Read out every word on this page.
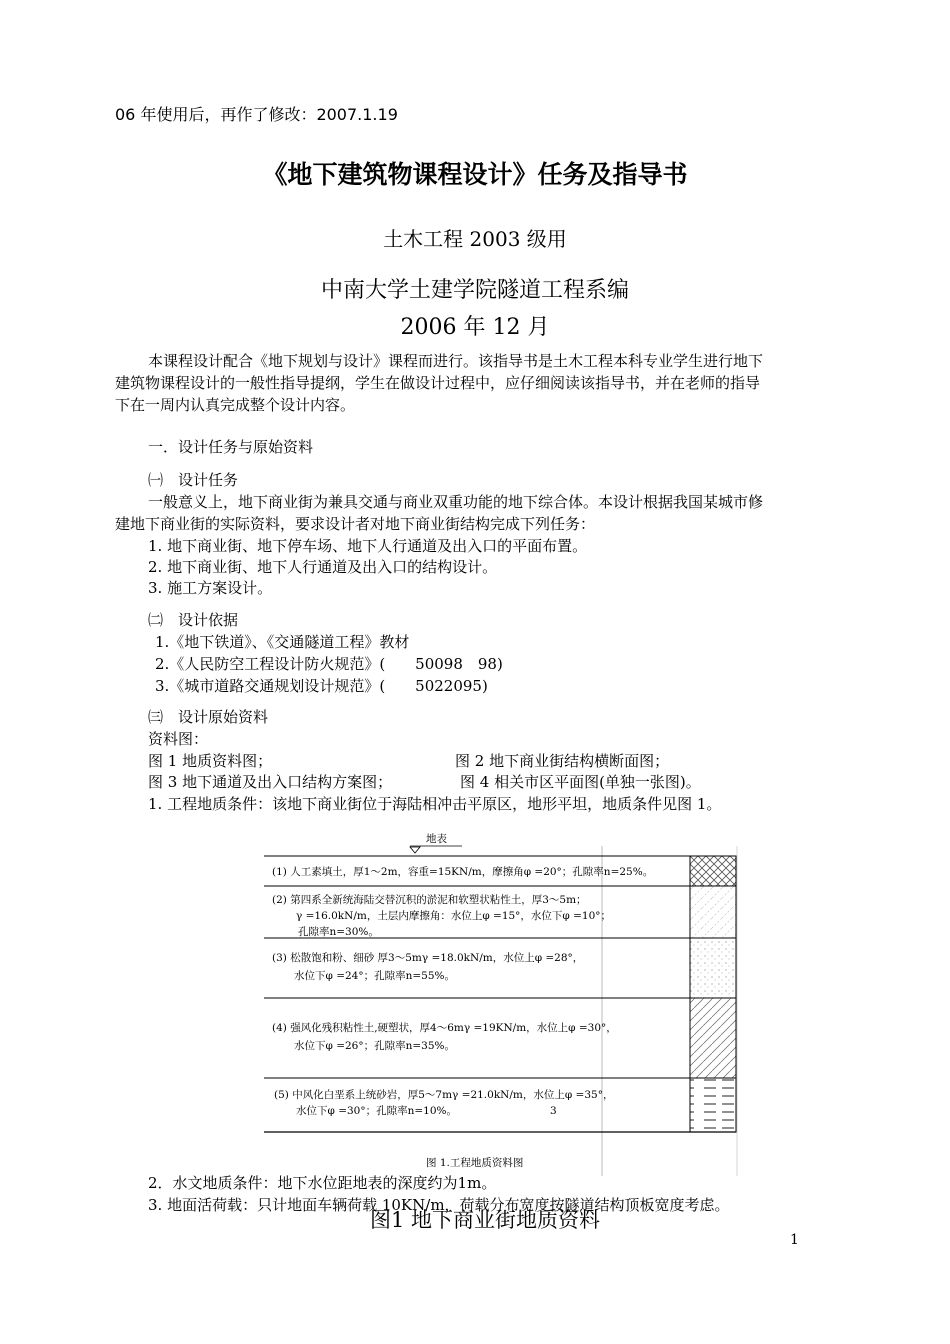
06 年使用后，再作了修改：2007.1.19
《地下建筑物课程设计》任务及指导书
土木工程 2003 级用
中南大学土建学院隧道工程系编
2006 年 12 月
本课程设计配合《地下规划与设计》课程而进行。该指导书是土木工程本科专业学生进行地下
建筑物课程设计的一般性指导提纲，学生在做设计过程中，应仔细阅读该指导书，并在老师的指导
下在一周内认真完成整个设计内容。
一．设计任务与原始资料
㈠　设计任务
一般意义上，地下商业街为兼具交通与商业双重功能的地下综合体。本设计根据我国某城市修
建地下商业街的实际资料，要求设计者对地下商业街结构完成下列任务：
1. 地下商业街、地下停车场、地下人行通道及出入口的平面布置。
2. 地下商业街、地下人行通道及出入口的结构设计。
3. 施工方案设计。
㈡　设计依据
1.《地下铁道》、《交通隧道工程》教材
2.《人民防空工程设计防火规范》(　　50098　98)
3.《城市道路交通规划设计规范》(　　5022095)
㈢　设计原始资料
资料图：
图 1 地质资料图；	图 2 地下商业街结构横断面图；
图 3 地下通道及出入口结构方案图；	图 4 相关市区平面图(单独一张图)。
1. 工程地质条件：该地下商业街位于海陆相冲击平原区，地形平坦，地质条件见图 1。
地表
(1) 人工素填土，厚1～2m，容重=15KN/m，摩擦角φ =20°；孔隙率n=25%。
(2) 第四系全新统海陆交替沉积的淤泥和软塑状粘性土，厚3～5m；
γ =16.0kN/m，土层内摩擦角：水位上φ =15°，水位下φ =10°；
孔隙率n=30%。
(3) 松散饱和粉、细砂 厚3～5mγ =18.0kN/m，水位上φ =28°，
水位下φ =24°；孔隙率n=55%。
(4) 强风化残积粘性土,硬塑状，厚4～6mγ =19KN/m，水位上φ =30°，
水位下φ =26°；孔隙率n=35%。
(5) 中风化白垩系上统砂岩，厚5～7mγ =21.0kN/m，水位上φ =35°，
水位下φ =30°；孔隙率n=10%。	3
图 1.工程地质资料图
2．水文地质条件：地下水位距地表的深度约为1m。
3. 地面活荷载：只计地面车辆荷载 10KN/m，荷载分布宽度按隧道结构顶板宽度考虑。
图1 地下商业街地质资料
1
